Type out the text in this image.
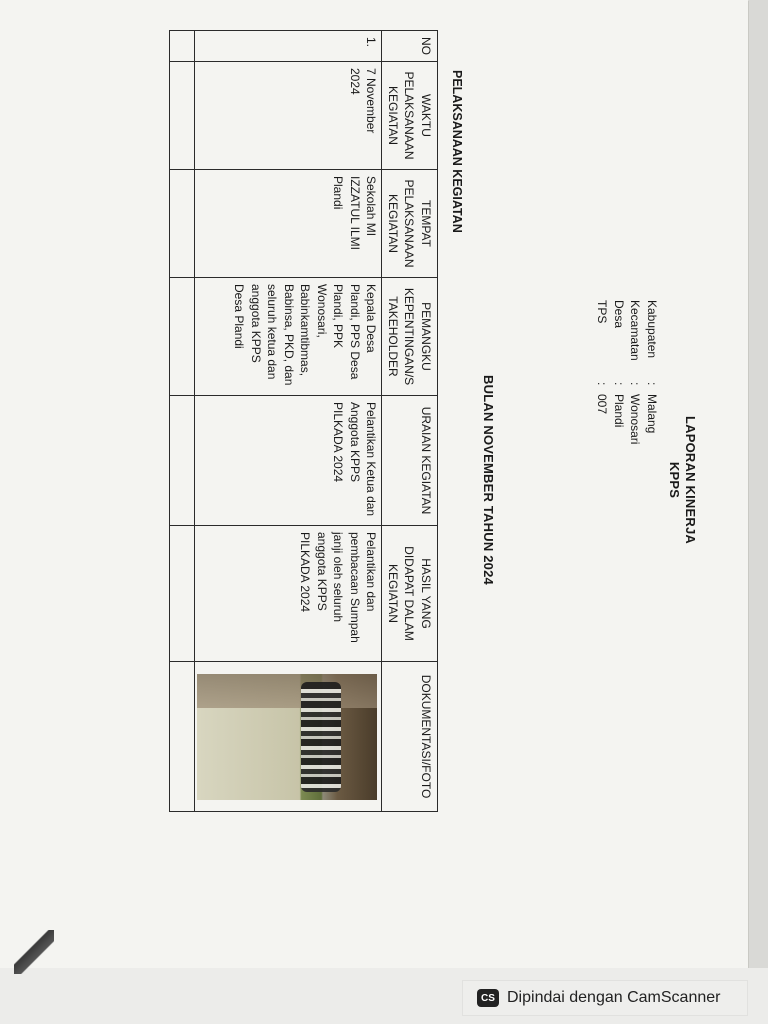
LAPORAN KINERJA
KPPS
Kabupaten
:
Malang
Kecamatan
:
Wonosari
Desa
:
Plandi
TPS
:
007
BULAN NOVEMBER TAHUN 2024
PELAKSANAAN KEGIATAN
NO	WAKTU PELAKSANAAN KEGIATAN	TEMPAT PELAKSANAAN KEGIATAN	PEMANGKU KEPENTINGAN/S TAKEHOLDER	URAIAN KEGIATAN	HASIL YANG DIDAPAT DALAM KEGIATAN	DOKUMENTASI/FOTO
1.	7 November 2024	Sekolah MI IZZATUL ILMI Plandi	Kepala Desa Plandi, PPS Desa Plandi, PPK Wonosari, Babinkamtibmas, Babinsa, PKD, dan seluruh ketua dan anggota KPPS Desa Plandi	Pelantikan Ketua dan Anggota KPPS PILKADA 2024	Pelantikan dan pembacaan Sumpah janji oleh seluruh anggota KPPS PILKADA 2024	

CS Dipindai dengan CamScanner
